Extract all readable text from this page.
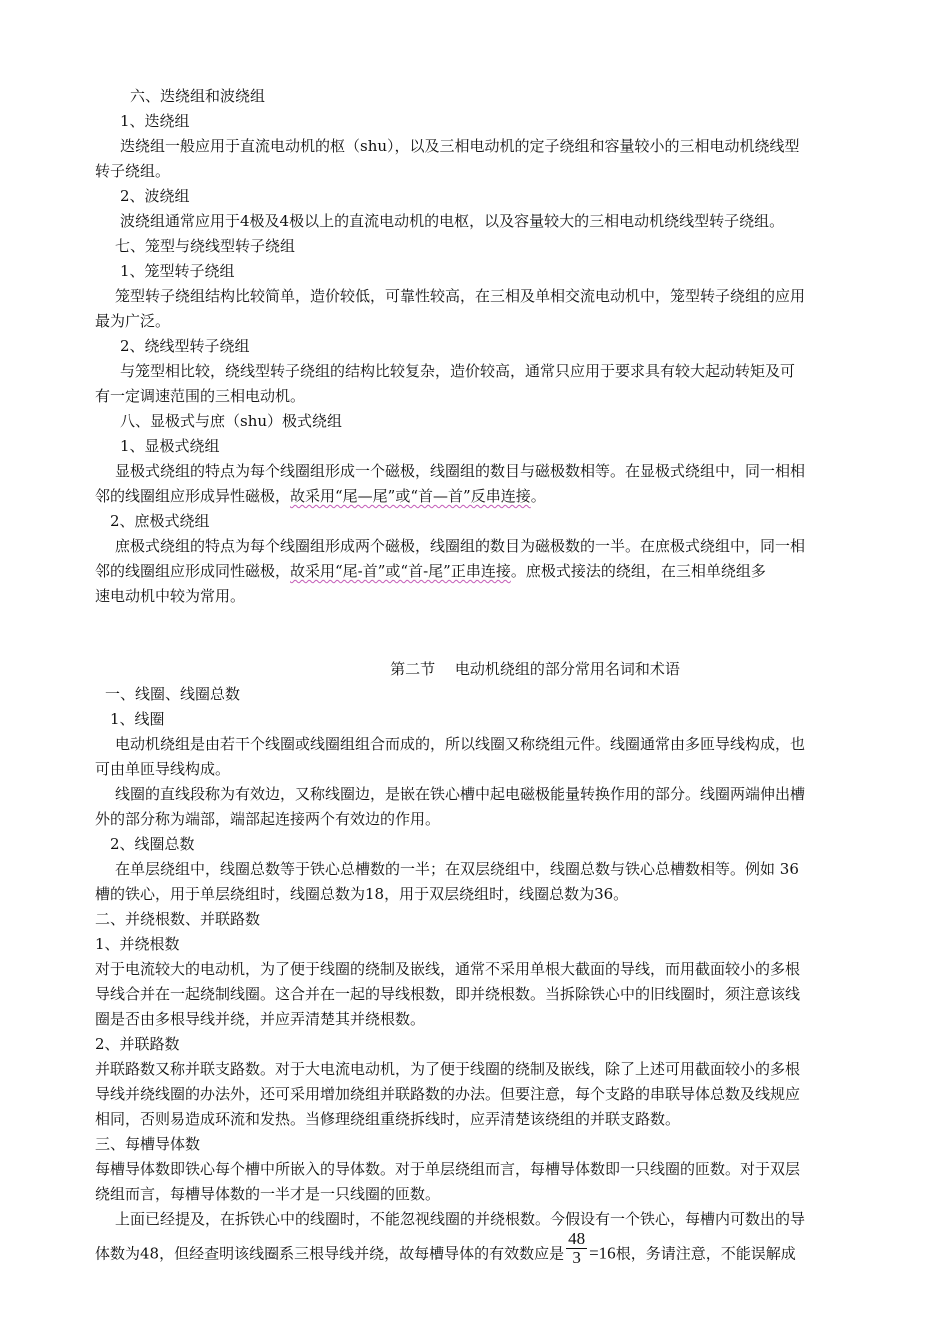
六、迭绕组和波绕组
1、迭绕组
迭绕组一般应用于直流电动机的枢（shu），以及三相电动机的定子绕组和容量较小的三相电动机绕线型
转子绕组。
2、波绕组
波绕组通常应用于4极及4极以上的直流电动机的电枢，以及容量较大的三相电动机绕线型转子绕组。
七、笼型与绕线型转子绕组
1、笼型转子绕组
笼型转子绕组结构比较简单，造价较低，可靠性较高，在三相及单相交流电动机中，笼型转子绕组的应用
最为广泛。
2、绕线型转子绕组
与笼型相比较，绕线型转子绕组的结构比较复杂，造价较高，通常只应用于要求具有较大起动转矩及可
有一定调速范围的三相电动机。
八、显极式与庶（shu）极式绕组
1、显极式绕组
显极式绕组的特点为每个线圈组形成一个磁极，线圈组的数目与磁极数相等。在显极式绕组中，同一相相
邻的线圈组应形成异性磁极，故采用“尾—尾”或“首—首”反串连接。
2、庶极式绕组
庶极式绕组的特点为每个线圈组形成两个磁极，线圈组的数目为磁极数的一半。在庶极式绕组中，同一相
邻的线圈组应形成同性磁极，故采用“尾-首”或“首-尾”正串连接。庶极式接法的绕组，在三相单绕组多
速电动机中较为常用。
第二节　 电动机绕组的部分常用名词和术语
一、线圈、线圈总数
1、线圈
电动机绕组是由若干个线圈或线圈组组合而成的，所以线圈又称绕组元件。线圈通常由多匝导线构成，也
可由单匝导线构成。
线圈的直线段称为有效边，又称线圈边，是嵌在铁心槽中起电磁极能量转换作用的部分。线圈两端伸出槽
外的部分称为端部，端部起连接两个有效边的作用。
2、线圈总数
在单层绕组中，线圈总数等于铁心总槽数的一半；在双层绕组中，线圈总数与铁心总槽数相等。例如 36
槽的铁心，用于单层绕组时，线圈总数为18，用于双层绕组时，线圈总数为36。
二、并绕根数、并联路数
1、并绕根数
对于电流较大的电动机，为了便于线圈的绕制及嵌线，通常不采用单根大截面的导线，而用截面较小的多根
导线合并在一起绕制线圈。这合并在一起的导线根数，即并绕根数。当拆除铁心中的旧线圈时，须注意该线
圈是否由多根导线并绕，并应弄清楚其并绕根数。
2、并联路数
并联路数又称并联支路数。对于大电流电动机，为了便于线圈的绕制及嵌线，除了上述可用截面较小的多根
导线并绕线圈的办法外，还可采用增加绕组并联路数的办法。但要注意，每个支路的串联导体总数及线规应
相同，否则易造成环流和发热。当修理绕组重绕拆线时，应弄清楚该绕组的并联支路数。
三、每槽导体数
每槽导体数即铁心每个槽中所嵌入的导体数。对于单层绕组而言，每槽导体数即一只线圈的匝数。对于双层
绕组而言，每槽导体数的一半才是一只线圈的匝数。
上面已经提及，在拆铁心中的线圈时，不能忽视线圈的并绕根数。今假设有一个铁心，每槽内可数出的导
体数为48，但经查明该线圈系三根导线并绕，故每槽导体的有效数应是 $\frac{48}{3} =16$根，务请注意，不能误解成
